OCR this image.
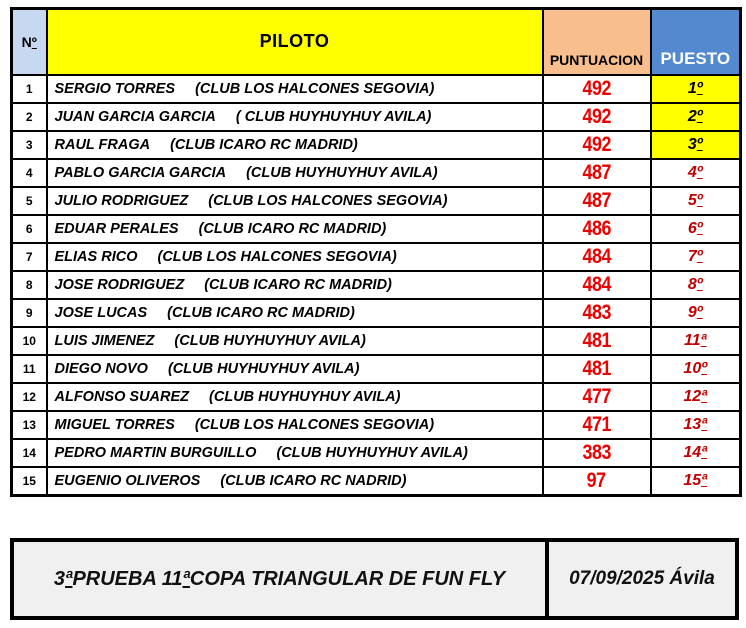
Nº	PILOTO	PUNTUACION	PUESTO
1	SERGIO TORRES (CLUB LOS HALCONES SEGOVIA)	492	1º
2	JUAN GARCIA GARCIA ( CLUB HUYHUYHUY AVILA)	492	2º
3	RAUL FRAGA (CLUB ICARO RC MADRID)	492	3º
4	PABLO GARCIA GARCIA (CLUB HUYHUYHUY AVILA)	487	4º
5	JULIO RODRIGUEZ (CLUB LOS HALCONES SEGOVIA)	487	5º
6	EDUAR PERALES (CLUB ICARO RC MADRID)	486	6º
7	ELIAS RICO (CLUB LOS HALCONES SEGOVIA)	484	7º
8	JOSE RODRIGUEZ (CLUB ICARO RC MADRID)	484	8º
9	JOSE LUCAS (CLUB ICARO RC MADRID)	483	9º
10	LUIS JIMENEZ (CLUB HUYHUYHUY AVILA)	481	11ª
11	DIEGO NOVO (CLUB HUYHUYHUY AVILA)	481	10º
12	ALFONSO SUAREZ (CLUB HUYHUYHUY AVILA)	477	12ª
13	MIGUEL TORRES (CLUB LOS HALCONES SEGOVIA)	471	13ª
14	PEDRO MARTIN BURGUILLO (CLUB HUYHUYHUY AVILA)	383	14ª
15	EUGENIO OLIVEROS (CLUB ICARO RC NADRID)	97	15ª
3 ª PRUEBA 11 ª COPA TRIANGULAR DE FUN FLY	07/09/2025 Ávila
